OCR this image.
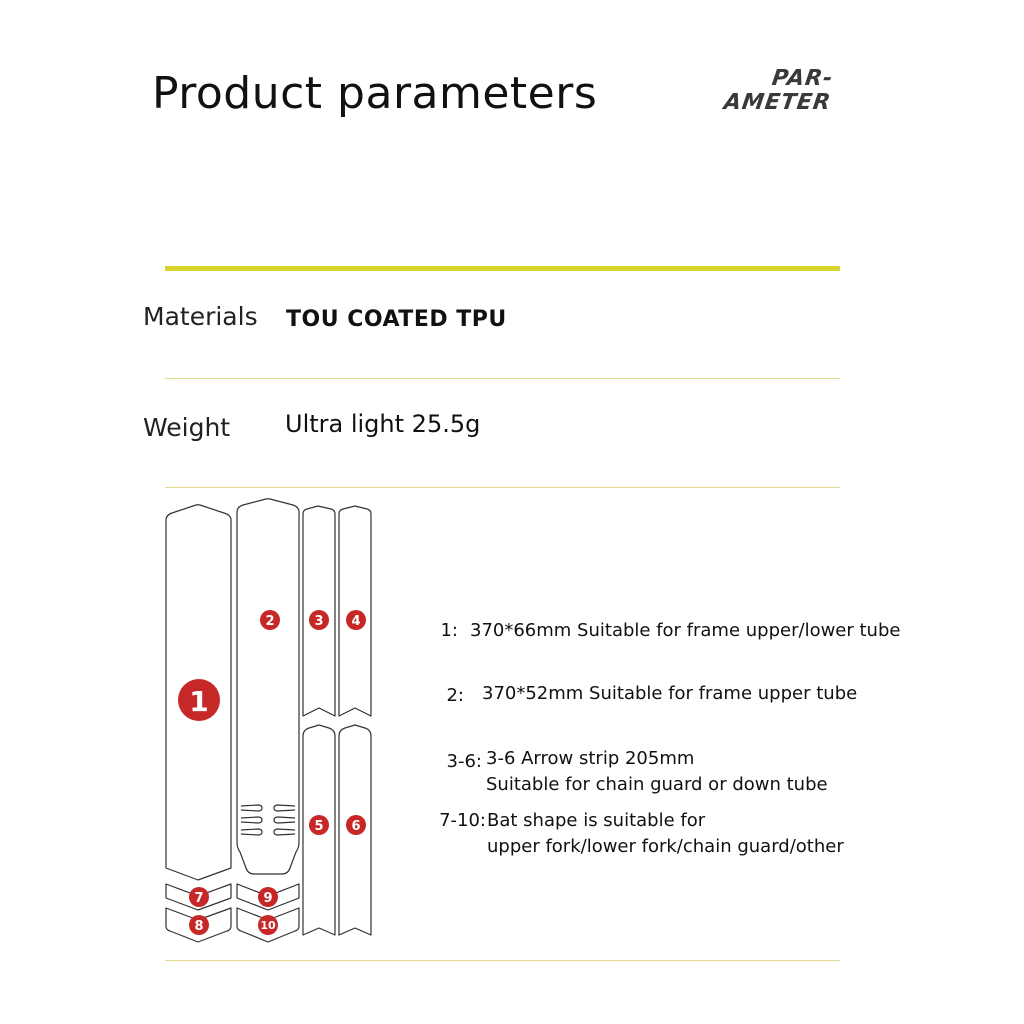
Product parameters	PAR-
AMETER
Materials TOU COATED TPU
Weight Ultra light 25.5g
1
2	3 4
5 6
7
8
9
10
1: 370*66mm Suitable for frame upper/lower tube
2: 370*52mm Suitable for frame upper tube
3-6: 3-6 Arrow strip 205mm
Suitable for chain guard or down tube
7-10: Bat shape is suitable for
upper fork/lower fork/chain guard/other
